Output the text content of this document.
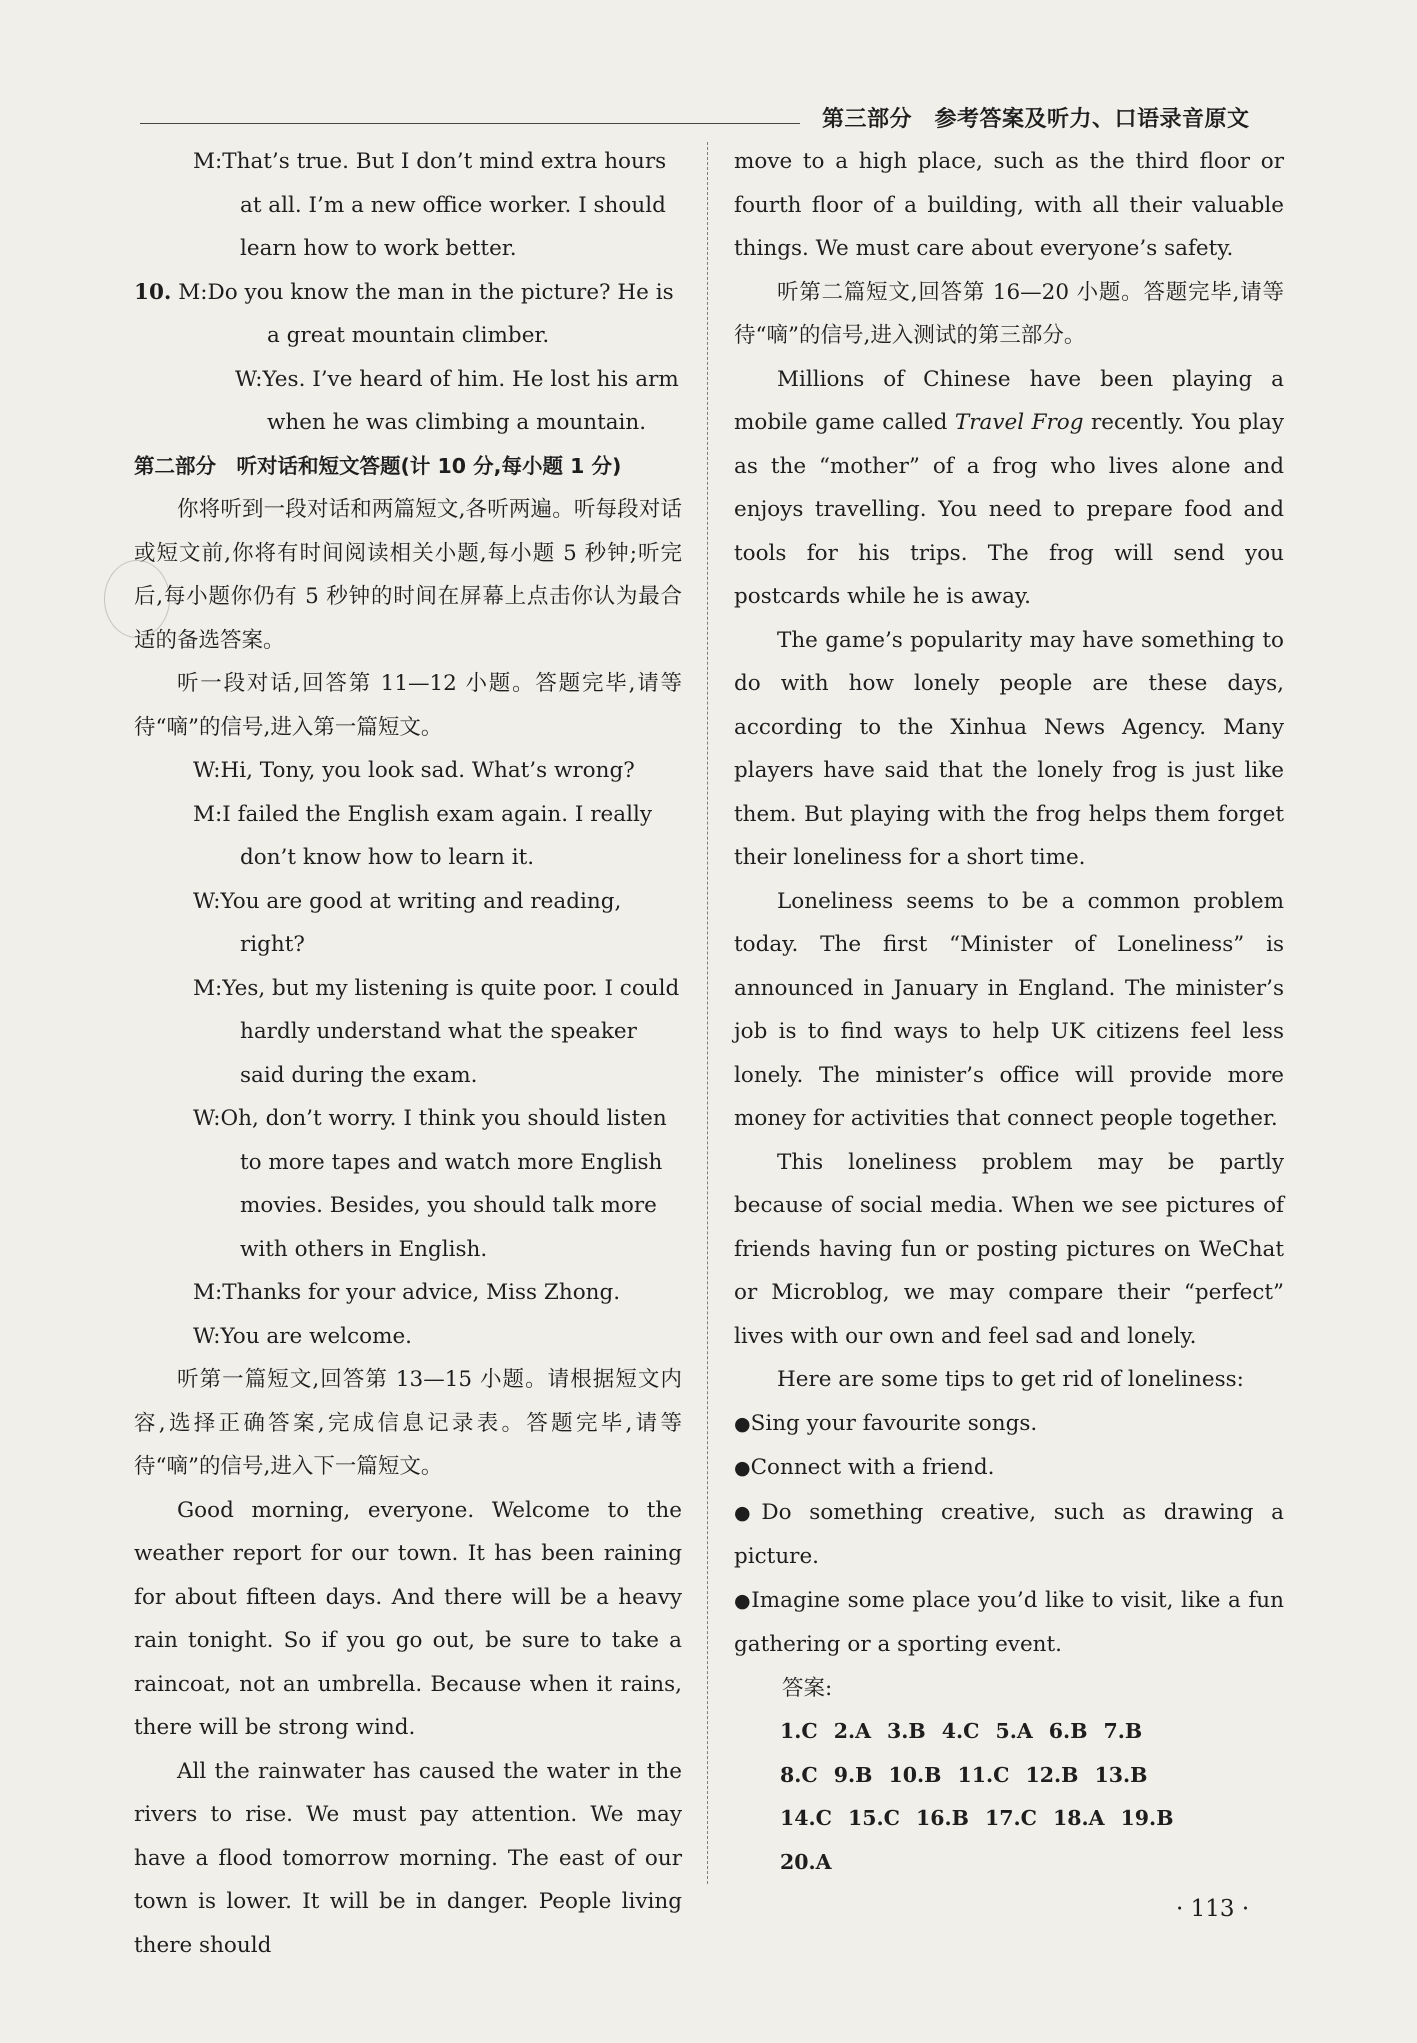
第三部分　参考答案及听力、口语录音原文

M:That’s true. But I don’t mind extra hours at all. I’m a new office worker. I should learn how to work better.

10. M:Do you know the man in the picture? He is a great mountain climber.

W:Yes. I’ve heard of him. He lost his arm when he was climbing a mountain.

第二部分　听对话和短文答题(计 10 分,每小题 1 分)

你将听到一段对话和两篇短文,各听两遍。听每段对话或短文前,你将有时间阅读相关小题,每小题 5 秒钟;听完后,每小题你仍有 5 秒钟的时间在屏幕上点击你认为最合适的备选答案。

听一段对话,回答第 11—12 小题。答题完毕,请等待“嘀”的信号,进入第一篇短文。

W:Hi, Tony, you look sad. What’s wrong?

M:I failed the English exam again. I really don’t know how to learn it.

W:You are good at writing and reading, right?

M:Yes, but my listening is quite poor. I could hardly understand what the speaker said during the exam.

W:Oh, don’t worry. I think you should listen to more tapes and watch more English movies. Besides, you should talk more with others in English.

M:Thanks for your advice, Miss Zhong.

W:You are welcome.

听第一篇短文,回答第 13—15 小题。请根据短文内容,选择正确答案,完成信息记录表。答题完毕,请等待“嘀”的信号,进入下一篇短文。

Good morning, everyone. Welcome to the weather report for our town. It has been raining for about fifteen days. And there will be a heavy rain tonight. So if you go out, be sure to take a raincoat, not an umbrella. Because when it rains, there will be strong wind.

All the rainwater has caused the water in the rivers to rise. We must pay attention. We may have a flood tomorrow morning. The east of our town is lower. It will be in danger. People living there should

move to a high place, such as the third floor or fourth floor of a building, with all their valuable things. We must care about everyone’s safety.

听第二篇短文,回答第 16—20 小题。答题完毕,请等待“嘀”的信号,进入测试的第三部分。

Millions of Chinese have been playing a mobile game called Travel Frog recently. You play as the “mother” of a frog who lives alone and enjoys travelling. You need to prepare food and tools for his trips. The frog will send you postcards while he is away.

The game’s popularity may have something to do with how lonely people are these days, according to the Xinhua News Agency. Many players have said that the lonely frog is just like them. But playing with the frog helps them forget their loneliness for a short time.

Loneliness seems to be a common problem today. The first “Minister of Loneliness” is announced in January in England. The minister’s job is to find ways to help UK citizens feel less lonely. The minister’s office will provide more money for activities that connect people together.

This loneliness problem may be partly because of social media. When we see pictures of friends having fun or posting pictures on WeChat or Microblog, we may compare their “perfect” lives with our own and feel sad and lonely.

Here are some tips to get rid of loneliness:

●Sing your favourite songs.

●Connect with a friend.

●Do something creative, such as drawing a picture.

●Imagine some place you’d like to visit, like a fun gathering or a sporting event.

答案:

1.C 2.A 3.B 4.C 5.A 6.B 7.B
8.C 9.B 10.B 11.C 12.B 13.B
14.C 15.C 16.B 17.C 18.A 19.B
20.A
· 113 ·
